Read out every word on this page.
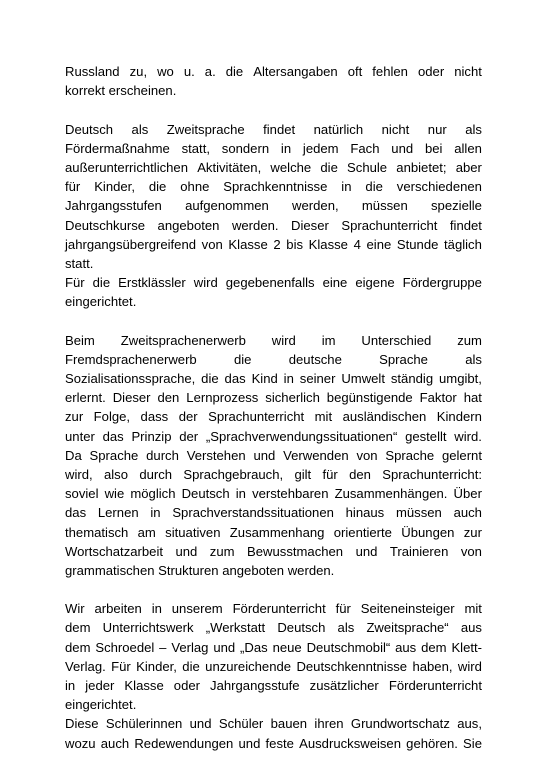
Russland zu, wo u. a. die Altersangaben oft fehlen oder nicht
korrekt erscheinen.
Deutsch als Zweitsprache findet natürlich nicht nur als
Fördermaßnahme statt, sondern in jedem Fach und bei allen
außerunterrichtlichen Aktivitäten, welche die Schule anbietet; aber
für Kinder, die ohne Sprachkenntnisse in die verschiedenen
Jahrgangsstufen aufgenommen werden, müssen spezielle
Deutschkurse angeboten werden. Dieser Sprachunterricht findet
jahrgangsübergreifend von Klasse 2 bis Klasse 4 eine Stunde täglich
statt.
Für die Erstklässler wird gegebenenfalls eine eigene Fördergruppe
eingerichtet.
Beim Zweitsprachenerwerb wird im Unterschied zum
Fremdsprachenerwerb	die	deutsche	Sprache	als
Sozialisationssprache, die das Kind in seiner Umwelt ständig umgibt,
erlernt. Dieser den Lernprozess sicherlich begünstigende Faktor hat
zur Folge, dass der Sprachunterricht mit ausländischen Kindern
unter das Prinzip der „Sprachverwendungssituationen“ gestellt wird.
Da Sprache durch Verstehen und Verwenden von Sprache gelernt
wird, also durch Sprachgebrauch, gilt für den Sprachunterricht:
soviel wie möglich Deutsch in verstehbaren Zusammenhängen. Über
das Lernen in Sprachverstandssituationen hinaus müssen auch
thematisch am situativen Zusammenhang orientierte Übungen zur
Wortschatzarbeit und zum Bewusstmachen und Trainieren von
grammatischen Strukturen angeboten werden.
Wir arbeiten in unserem Förderunterricht für Seiteneinsteiger mit
dem Unterrichtswerk „Werkstatt Deutsch als Zweitsprache“ aus
dem Schroedel – Verlag und „Das neue Deutschmobil“ aus dem Klett-
Verlag. Für Kinder, die unzureichende Deutschkenntnisse haben, wird
in jeder Klasse oder Jahrgangsstufe zusätzlicher Förderunterricht
eingerichtet.
Diese Schülerinnen und Schüler bauen ihren Grundwortschatz aus,
wozu auch Redewendungen und feste Ausdrucksweisen gehören. Sie
